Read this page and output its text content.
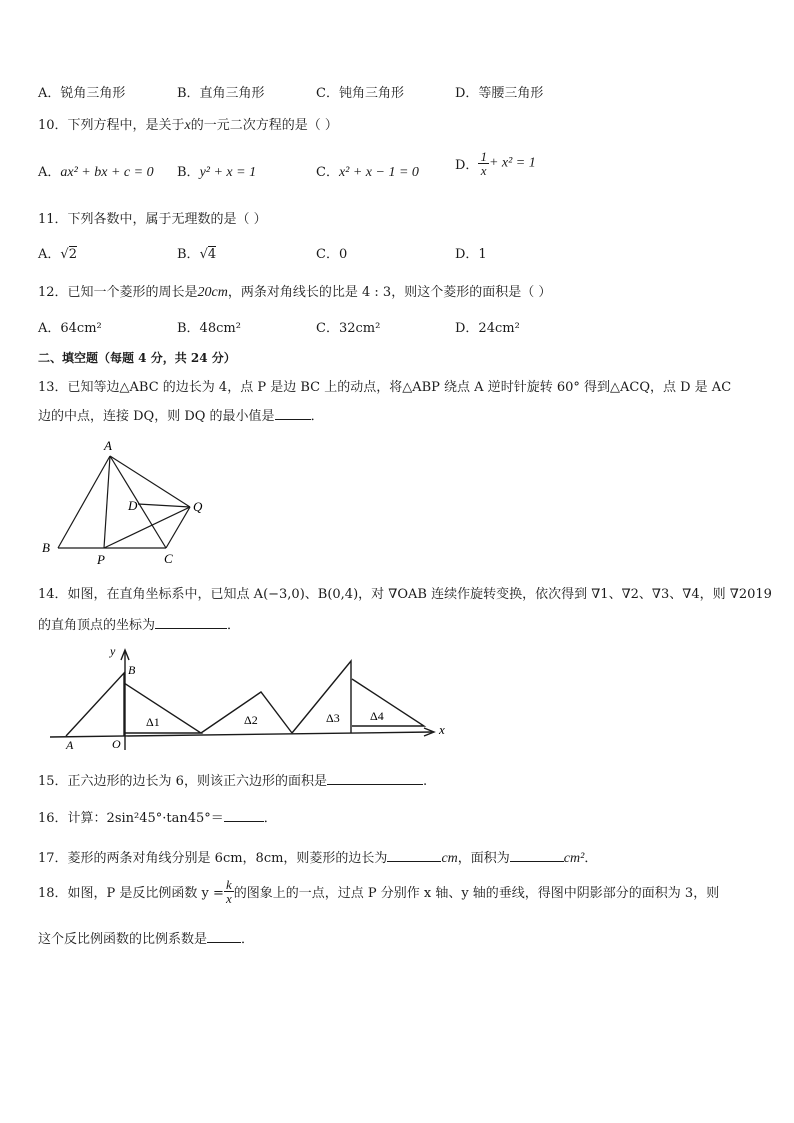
A．锐角三角形	B．直角三角形	C．钝角三角形	D．等腰三角形
10．下列方程中，是关于x的一元二次方程的是（ ）
A．ax² + bx + c = 0 B．y² + x = 1	C．x² + x − 1 = 0	D． $\frac{1}{x} + x^2 = 1$
11．下列各数中，属于无理数的是（ ）
A．√2	B．√4	C．0	D．1
12．已知一个菱形的周长是20cm，两条对角线长的比是 4 : 3，则这个菱形的面积是（ ）
A．64cm²	B．48cm²	C．32cm²	D．24cm²
二、填空题（每题 4 分，共 24 分）
13．已知等边△ABC 的边长为 4，点 P 是边 BC 上的动点，将△ABP 绕点 A 逆时针旋转 60° 得到△ACQ，点 D 是 AC
边的中点，连接 DQ，则 DQ 的最小值是	．
A
B
C
P
Q
D
14．如图，在直角坐标系中，已知点 A(−3,0)、B(0,4)，对 ∇OAB 连续作旋转变换，依次得到 ∇1、∇2、∇3、∇4，则 ∇2019
的直角顶点的坐标为	．
y
x
B
A	O
Δ1	Δ2	Δ3	Δ4
15．正六边形的边长为 6，则该正六边形的面积是	.
16．计算：2sin²45°·tan45°＝	．
17．菱形的两条对角线分别是 6cm，8cm，则菱形的边长为	cm，面积为	cm²．
18．如图，P 是反比例函数 $y = \frac{k}{x}$ 的图象上的一点，过点 P 分别作 x 轴、y 轴的垂线，得图中阴影部分的面积为 3，则
这个反比例函数的比例系数是	．
